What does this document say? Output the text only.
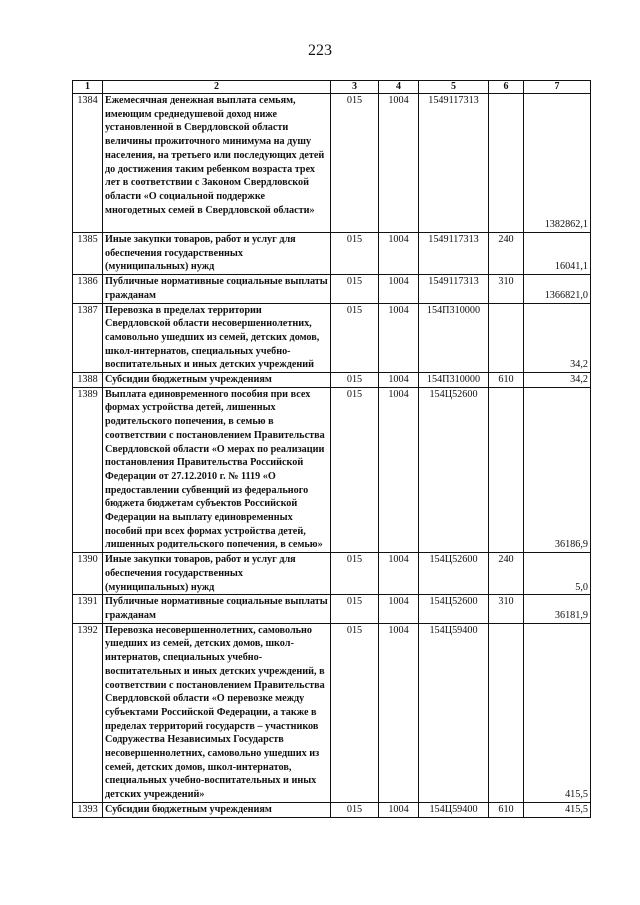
223
1	2	3	4	5	6	7
1384	Ежемесячная денежная выплата семьям, имеющим среднедушевой доход ниже установленной в Свердловской области величины прожиточного минимума на душу населения, на третьего или последующих детей до достижения таким ребенком возраста трех лет в соответствии с Законом Свердловской области «О социальной поддержке многодетных семей в Свердловской области»	015	1004	1549117313		1382862,1
1385	Иные закупки товаров, работ и услуг для обеспечения государственных (муниципальных) нужд	015	1004	1549117313	240	16041,1
1386	Публичные нормативные социальные выплаты гражданам	015	1004	1549117313	310	1366821,0
1387	Перевозка в пределах территории Свердловской области несовершеннолетних, самовольно ушедших из семей, детских домов, школ-интернатов, специальных учебно-воспитательных и иных детских учреждений	015	1004	154П310000		34,2
1388	Субсидии бюджетным учреждениям	015	1004	154П310000	610	34,2
1389	Выплата единовременного пособия при всех формах устройства детей, лишенных родительского попечения, в семью в соответствии с постановлением Правительства Свердловской области «О мерах по реализации постановления Правительства Российской Федерации от 27.12.2010 г. № 1119 «О предоставлении субвенций из федерального бюджета бюджетам субъектов Российской Федерации на выплату единовременных пособий при всех формах устройства детей, лишенных родительского попечения, в семью»	015	1004	154Ц52600		36186,9
1390	Иные закупки товаров, работ и услуг для обеспечения государственных (муниципальных) нужд	015	1004	154Ц52600	240	5,0
1391	Публичные нормативные социальные выплаты гражданам	015	1004	154Ц52600	310	36181,9
1392	Перевозка несовершеннолетних, самовольно ушедших из семей, детских домов, школ-интернатов, специальных учебно-воспитательных и иных детских учреждений, в соответствии с постановлением Правительства Свердловской области «О перевозке между субъектами Российской Федерации, а также в пределах территорий государств – участников Содружества Независимых Государств несовершеннолетних, самовольно ушедших из семей, детских домов, школ-интернатов, специальных учебно-воспитательных и иных детских учреждений»	015	1004	154Ц59400		415,5
1393	Субсидии бюджетным учреждениям	015	1004	154Ц59400	610	415,5
